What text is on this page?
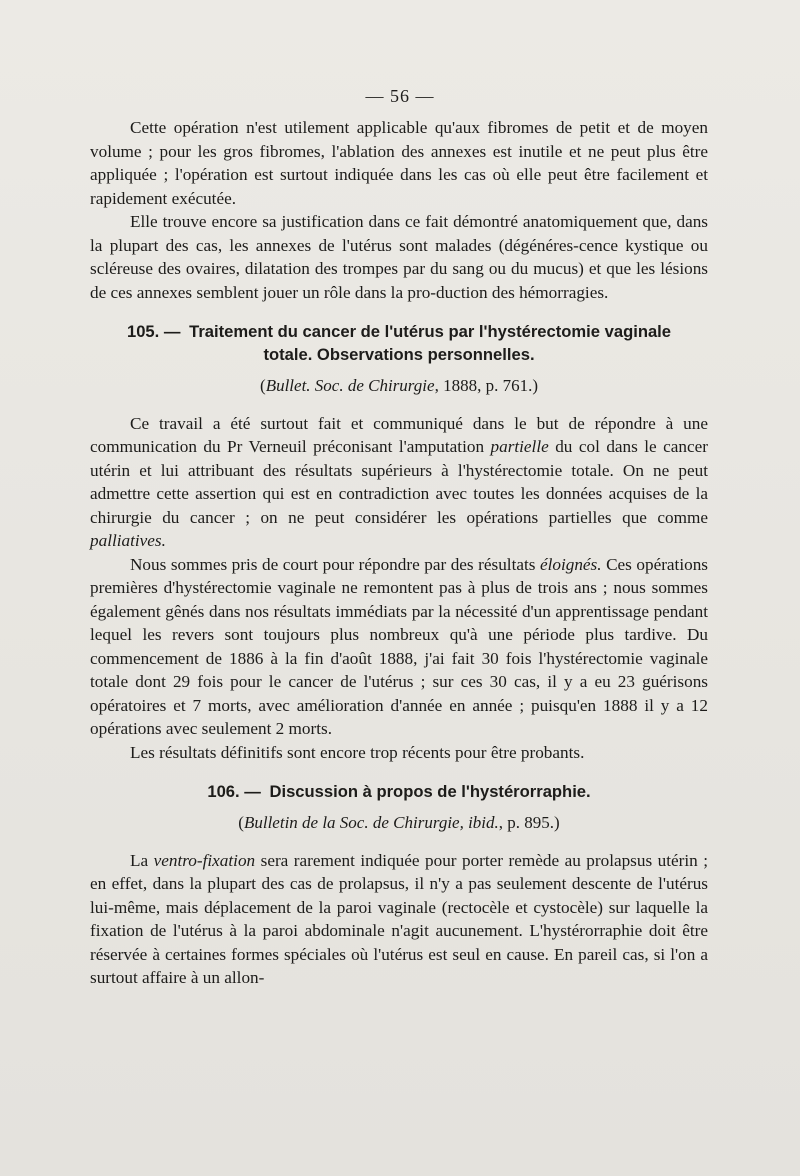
— 56 —

Cette opération n'est utilement applicable qu'aux fibromes de petit et de moyen volume ; pour les gros fibromes, l'ablation des annexes est inutile et ne peut plus être appliquée ; l'opération est surtout indiquée dans les cas où elle peut être facilement et rapidement exécutée.

Elle trouve encore sa justification dans ce fait démontré anatomiquement que, dans la plupart des cas, les annexes de l'utérus sont malades (dégénéres-cence kystique ou scléreuse des ovaires, dilatation des trompes par du sang ou du mucus) et que les lésions de ces annexes semblent jouer un rôle dans la pro-duction des hémorragies.

105. — Traitement du cancer de l'utérus par l'hystérectomie vaginale
totale. Observations personnelles.
(Bullet. Soc. de Chirurgie, 1888, p. 761.)

Ce travail a été surtout fait et communiqué dans le but de répondre à une communication du Pr Verneuil préconisant l'amputation partielle du col dans le cancer utérin et lui attribuant des résultats supérieurs à l'hystérectomie totale. On ne peut admettre cette assertion qui est en contradiction avec toutes les données acquises de la chirurgie du cancer ; on ne peut considérer les opérations partielles que comme palliatives.

Nous sommes pris de court pour répondre par des résultats éloignés. Ces opérations premières d'hystérectomie vaginale ne remontent pas à plus de trois ans ; nous sommes également gênés dans nos résultats immédiats par la nécessité d'un apprentissage pendant lequel les revers sont toujours plus nombreux qu'à une période plus tardive. Du commencement de 1886 à la fin d'août 1888, j'ai fait 30 fois l'hystérectomie vaginale totale dont 29 fois pour le cancer de l'utérus ; sur ces 30 cas, il y a eu 23 guérisons opératoires et 7 morts, avec amélioration d'année en année ; puisqu'en 1888 il y a 12 opérations avec seulement 2 morts.

Les résultats définitifs sont encore trop récents pour être probants.

106. — Discussion à propos de l'hystérorraphie.
(Bulletin de la Soc. de Chirurgie, ibid., p. 895.)

La ventro-fixation sera rarement indiquée pour porter remède au prolapsus utérin ; en effet, dans la plupart des cas de prolapsus, il n'y a pas seulement descente de l'utérus lui-même, mais déplacement de la paroi vaginale (rectocèle et cystocèle) sur laquelle la fixation de l'utérus à la paroi abdominale n'agit aucunement. L'hystérorraphie doit être réservée à certaines formes spéciales où l'utérus est seul en cause. En pareil cas, si l'on a surtout affaire à un allon-
